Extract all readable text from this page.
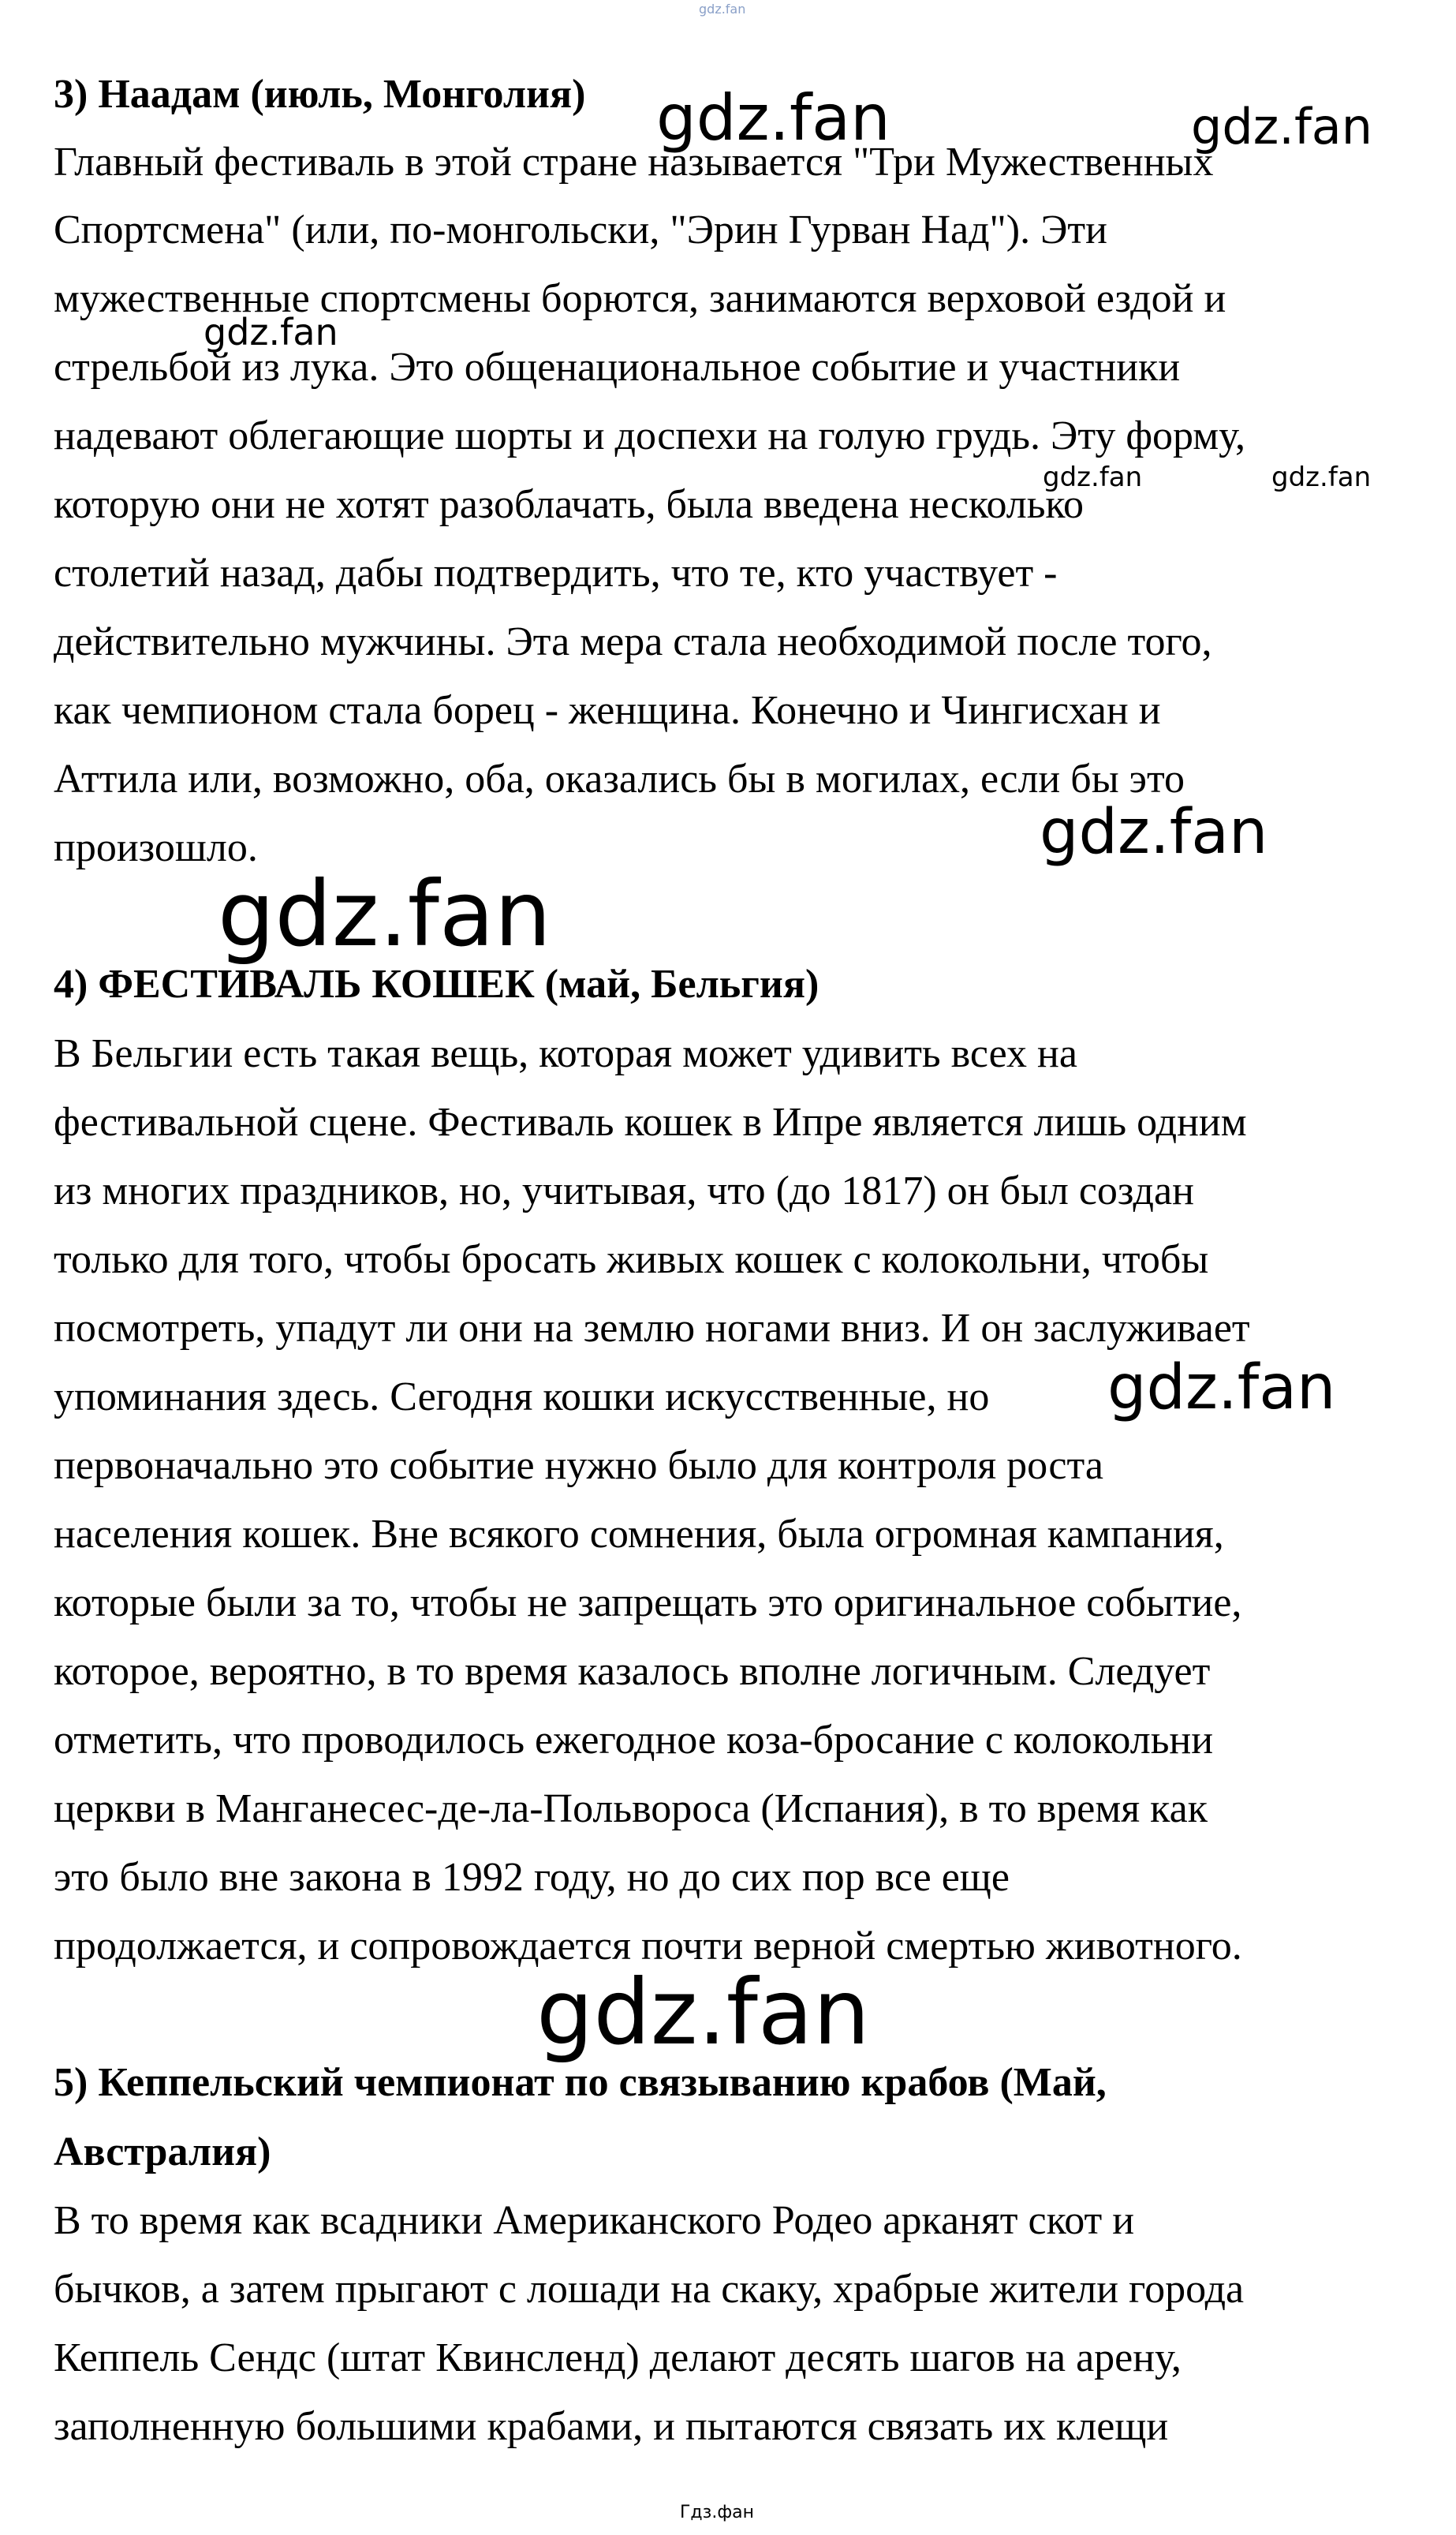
gdz.fan
3) Наадам (июль, Монголия)
Главный фестиваль в этой стране называется "Три Мужественных
Спортсмена" (или, по-монгольски, "Эрин Гурван Над"). Эти
мужественные спортсмены борются, занимаются верховой ездой и
стрельбой из лука. Это общенациональное событие и участники
надевают облегающие шорты и доспехи на голую грудь. Эту форму,
которую они не хотят разоблачать, была введена несколько
столетий назад, дабы подтвердить, что те, кто участвует -
действительно мужчины. Эта мера стала необходимой после того,
как чемпионом стала борец - женщина. Конечно и Чингисхан и
Аттила или, возможно, оба, оказались бы в могилах, если бы это
произошло.
4) ФЕСТИВАЛЬ КОШЕК (май, Бельгия)
В Бельгии есть такая вещь, которая может удивить всех на
фестивальной сцене. Фестиваль кошек в Ипре является лишь одним
из многих праздников, но, учитывая, что (до 1817) он был создан
только для того, чтобы бросать живых кошек с колокольни, чтобы
посмотреть, упадут ли они на землю ногами вниз. И он заслуживает
упоминания здесь. Сегодня кошки искусственные, но
первоначально это событие нужно было для контроля роста
населения кошек. Вне всякого сомнения, была огромная кампания,
которые были за то, чтобы не запрещать это оригинальное событие,
которое, вероятно, в то время казалось вполне логичным. Следует
отметить, что проводилось ежегодное коза-бросание с колокольни
церкви в Манганесес-де-ла-Польвороса (Испания), в то время как
это было вне закона в 1992 году, но до сих пор все еще
продолжается, и сопровождается почти верной смертью животного.
5) Кеппельский чемпионат по связыванию крабов (Май,
Австралия)
В то время как всадники Американского Родео арканят скот и
бычков, а затем прыгают с лошади на скаку, храбрые жители города
Кеппель Сендс (штат Квинсленд) делают десять шагов на арену,
заполненную большими крабами, и пытаются связать их клещи
gdz.fan	gdz.fan
gdz.fan
gdz.fan	gdz.fan
gdz.fan
gdz.fan
gdz.fan
gdz.fan
Гдз.фан
